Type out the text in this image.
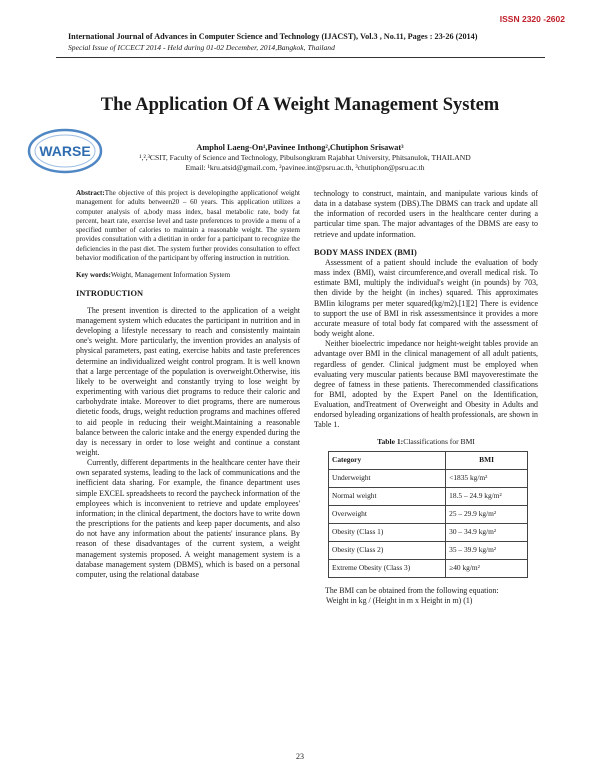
ISSN 2320 -2602
International Journal of Advances in Computer Science and Technology (IJACST), Vol.3 , No.11, Pages : 23-26 (2014)
Special Issue of ICCECT 2014 - Held during 01-02 December, 2014,Bangkok, Thailand
The Application Of A Weight Management System
WARSE	Amphol Laeng-On¹,Pavinee Inthong²,Chutiphon Srisawat³
¹,²,³CSIT, Faculty of Science and Technology, Pibulsongkram Rajabhat University, Phitsanulok, THAILAND
Email: ¹kru.atsid@gmail.com, ²pavinee.int@psru.ac.th, ³chutiphon@psru.ac.th

Abstract:The objective of this project is developingthe applicationof weight management for adults between20 – 60 years. This application utilizes a computer analysis of a,body mass index, basal metabolic rate, body fat percent, heart rate, exercise level and taste preferences to provide a menu of a specified number of calories to maintain a reasonable weight. The system provides consultation with a dietitian in order for a participant to recognize the deficiencies in the past diet. The system further provides consultation to effect behavior modification of the participant by offering instruction in nutrition.

Key words:Weight, Management Information System

INTRODUCTION

The present invention is directed to the application of a weight management system which educates the participant in nutrition and in developing a lifestyle necessary to reach and consistently maintain one's weight. More particularly, the invention provides an analysis of physical parameters, past eating, exercise habits and taste preferences determine an individualized weight control program. It is well known that a large percentage of the population is overweight.Otherwise, itis likely to be overweight and constantly trying to lose weight by experimenting with various diet programs to reduce their caloric and carbohydrate intake. Moreover to diet programs, there are numerous dietetic foods, drugs, weight reduction programs and machines offered to aid people in reducing their weight.Maintaining a reasonable balance between the caloric intake and the energy expended during the day is necessary in order to lose weight and continue a constant weight.

Currently, different departments in the healthcare center have their own separated systems, leading to the lack of communications and the inefficient data sharing. For example, the finance department uses simple EXCEL spreadsheets to record the paycheck information of the employees which is inconvenient to retrieve and update employees' information; in the clinical department, the doctors have to write down the prescriptions for the patients and keep paper documents, and also do not have any information about the patients' insurance plans. By reason of these disadvantages of the current system, a weight management systemis proposed. A weight management system is a database management system (DBMS), which is based on a personal computer, using the relational database

technology to construct, maintain, and manipulate various kinds of data in a database system (DBS).The DBMS can track and update all the information of recorded users in the healthcare center during a particular time span. The major advantages of the DBMS are easy to retrieve and update information.

BODY MASS INDEX (BMI)

Assessment of a patient should include the evaluation of body mass index (BMI), waist circumference,and overall medical risk. To estimate BMI, multiply the individual's weight (in pounds) by 703, then divide by the height (in inches) squared. This approximates BMIin kilograms per meter squared(kg/m2).[1][2] There is evidence to support the use of BMI in risk assessmentsince it provides a more accurate measure of total body fat compared with the assessment of body weight alone.

Neither bioelectric impedance nor height-weight tables provide an advantage over BMI in the clinical management of all adult patients, regardless of gender. Clinical judgment must be employed when evaluating very muscular patients because BMI mayoverestimate the degree of fatness in these patients. Therecommended classifications for BMI, adopted by the Expert Panel on the Identification, Evaluation, andTreatment of Overweight and Obesity in Adults and endorsed byleading organizations of health professionals, are shown in Table 1.

Table 1:Classifications for BMI
Category	BMI
Underweight	<1835 kg/m²
Normal weight	18.5 – 24.9 kg/m²
Overweight	25 – 29.9 kg/m²
Obesity (Class 1)	30 – 34.9 kg/m²
Obesity (Class 2)	35 – 39.9 kg/m²
Extreme Obesity (Class 3)	≥40 kg/m²

The BMI can be obtained from the following equation:

Weight in kg / (Height in m x Height in m) (1)

23
